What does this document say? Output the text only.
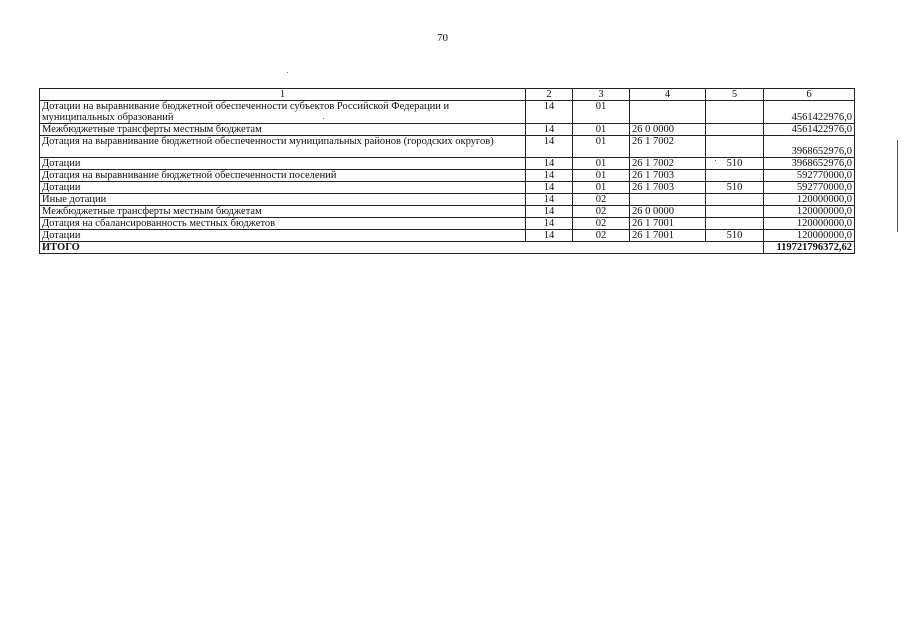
70
1	2	3	4	5	6
Дотации на выравнивание бюджетной обеспеченности субъектов Российской Федерации и муниципальных образований	14	01			4561422976,0
Межбюджетные трансферты местным бюджетам	14	01	26 0 0000		4561422976,0
Дотация на выравнивание бюджетной обеспеченности муниципальных районов (городских округов)	14	01	26 1 7002		3968652976,0
Дотации	14	01	26 1 7002	510	3968652976,0
Дотация на выравнивание бюджетной обеспеченности поселений	14	01	26 1 7003		592770000,0
Дотации	14	01	26 1 7003	510	592770000,0
Иные дотации	14	02			120000000,0
Межбюджетные трансферты местным бюджетам	14	02	26 0 0000		120000000,0
Дотация на сбалансированность местных бюджетов	14	02	26 1 7001		120000000,0
Дотации	14	02	26 1 7001	510	120000000,0
ИТОГО					119721796372,62
